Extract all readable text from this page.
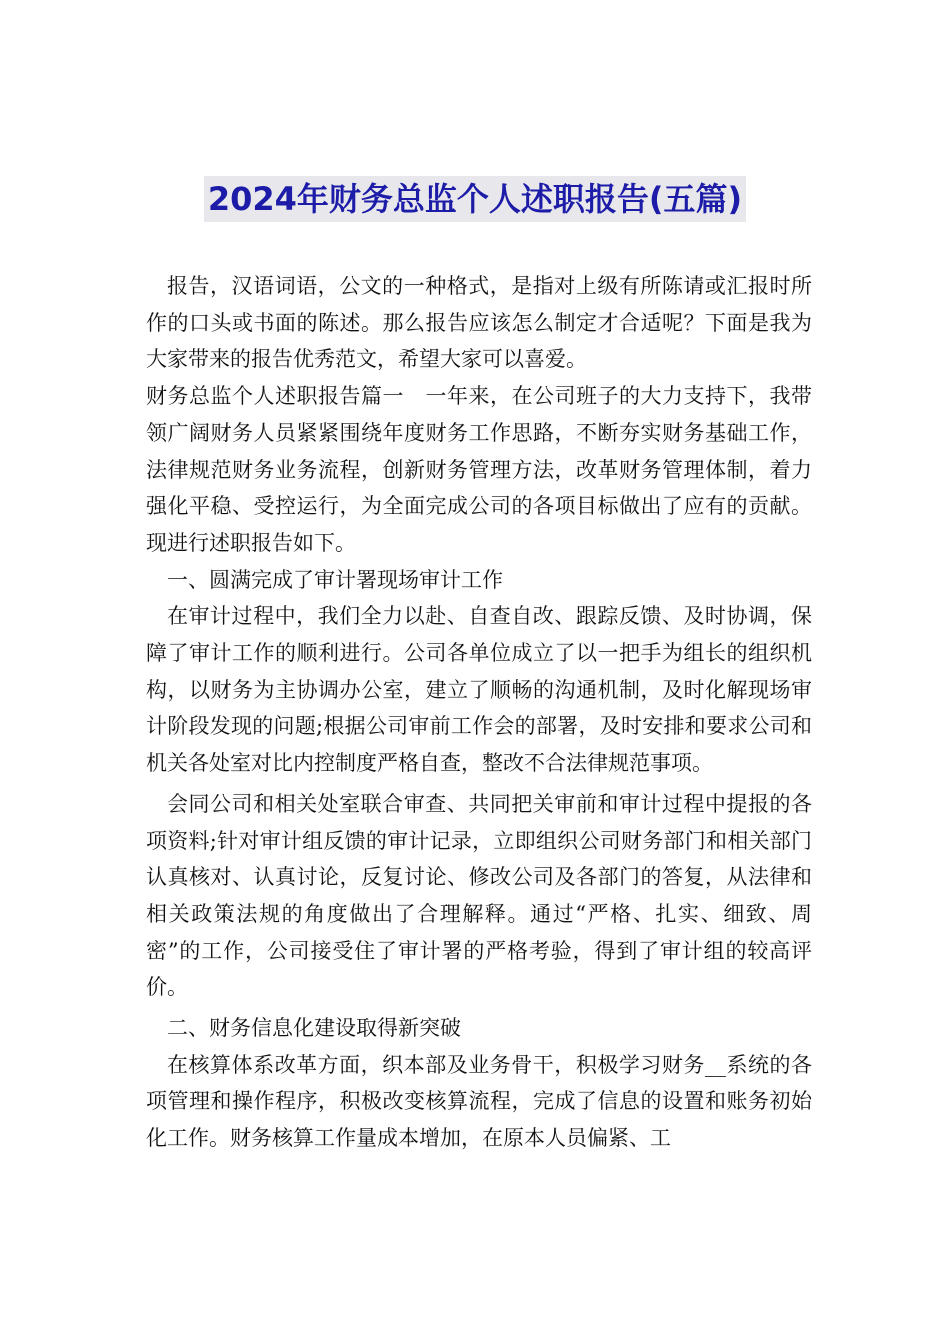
2024年财务总监个人述职报告(五篇)

报告，汉语词语，公文的一种格式，是指对上级有所陈请或汇报时所作的口头或书面的陈述。那么报告应该怎么制定才合适呢？下面是我为大家带来的报告优秀范文，希望大家可以喜爱。

财务总监个人述职报告篇一　一年来，在公司班子的大力支持下，我带领广阔财务人员紧紧围绕年度财务工作思路，不断夯实财务基础工作，法律规范财务业务流程，创新财务管理方法，改革财务管理体制，着力强化平稳、受控运行，为全面完成公司的各项目标做出了应有的贡献。现进行述职报告如下。

一、圆满完成了审计署现场审计工作

在审计过程中，我们全力以赴、自查自改、跟踪反馈、及时协调，保障了审计工作的顺利进行。公司各单位成立了以一把手为组长的组织机构，以财务为主协调办公室，建立了顺畅的沟通机制，及时化解现场审计阶段发现的问题;根据公司审前工作会的部署，及时安排和要求公司和机关各处室对比内控制度严格自查，整改不合法律规范事项。

会同公司和相关处室联合审查、共同把关审前和审计过程中提报的各项资料;针对审计组反馈的审计记录，立即组织公司财务部门和相关部门认真核对、认真讨论，反复讨论、修改公司及各部门的答复，从法律和相关政策法规的角度做出了合理解释。通过“严格、扎实、细致、周密”的工作，公司接受住了审计署的严格考验，得到了审计组的较高评价。

二、财务信息化建设取得新突破

在核算体系改革方面，织本部及业务骨干，积极学习财务__系统的各项管理和操作程序，积极改变核算流程，完成了信息的设置和账务初始化工作。财务核算工作量成本增加，在原本人员偏紧、工
